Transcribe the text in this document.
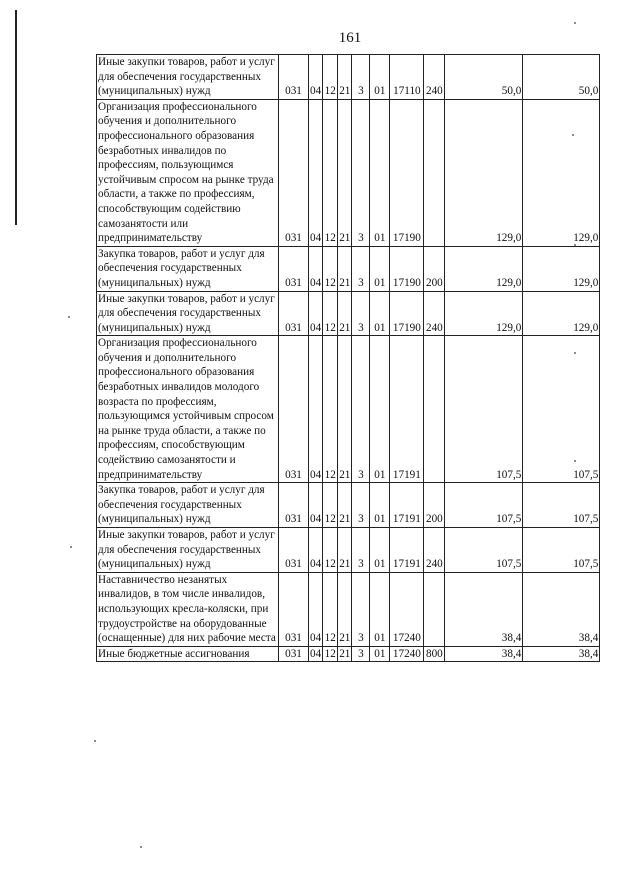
161
Иные закупки товаров, работ и услуг для обеспечения государственных (муниципальных) нужд	031	04	12	21	3	01	17110	240	50,0	50,0
Организация профессионального обучения и дополнительного профессионального образования безработных инвалидов по профессиям, пользующимся устойчивым спросом на рынке труда области, а также по профессиям, способствующим содействию самозанятости или предпринимательству	031	04	12	21	3	01	17190		129,0	129,0
Закупка товаров, работ и услуг для обеспечения государственных (муниципальных) нужд	031	04	12	21	3	01	17190	200	129,0	129,0
Иные закупки товаров, работ и услуг для обеспечения государственных (муниципальных) нужд	031	04	12	21	3	01	17190	240	129,0	129,0
Организация профессионального обучения и дополнительного профессионального образования безработных инвалидов молодого возраста по профессиям, пользующимся устойчивым спросом на рынке труда области, а также по профессиям, способствующим содействию самозанятости и предпринимательству	031	04	12	21	3	01	17191		107,5	107,5
Закупка товаров, работ и услуг для обеспечения государственных (муниципальных) нужд	031	04	12	21	3	01	17191	200	107,5	107,5
Иные закупки товаров, работ и услуг для обеспечения государственных (муниципальных) нужд	031	04	12	21	3	01	17191	240	107,5	107,5
Наставничество незанятых инвалидов, в том числе инвалидов, использующих кресла-коляски, при трудоустройстве на оборудованные (оснащенные) для них рабочие места	031	04	12	21	3	01	17240		38,4	38,4
Иные бюджетные ассигнования	031	04	12	21	3	01	17240	800	38,4	38,4
